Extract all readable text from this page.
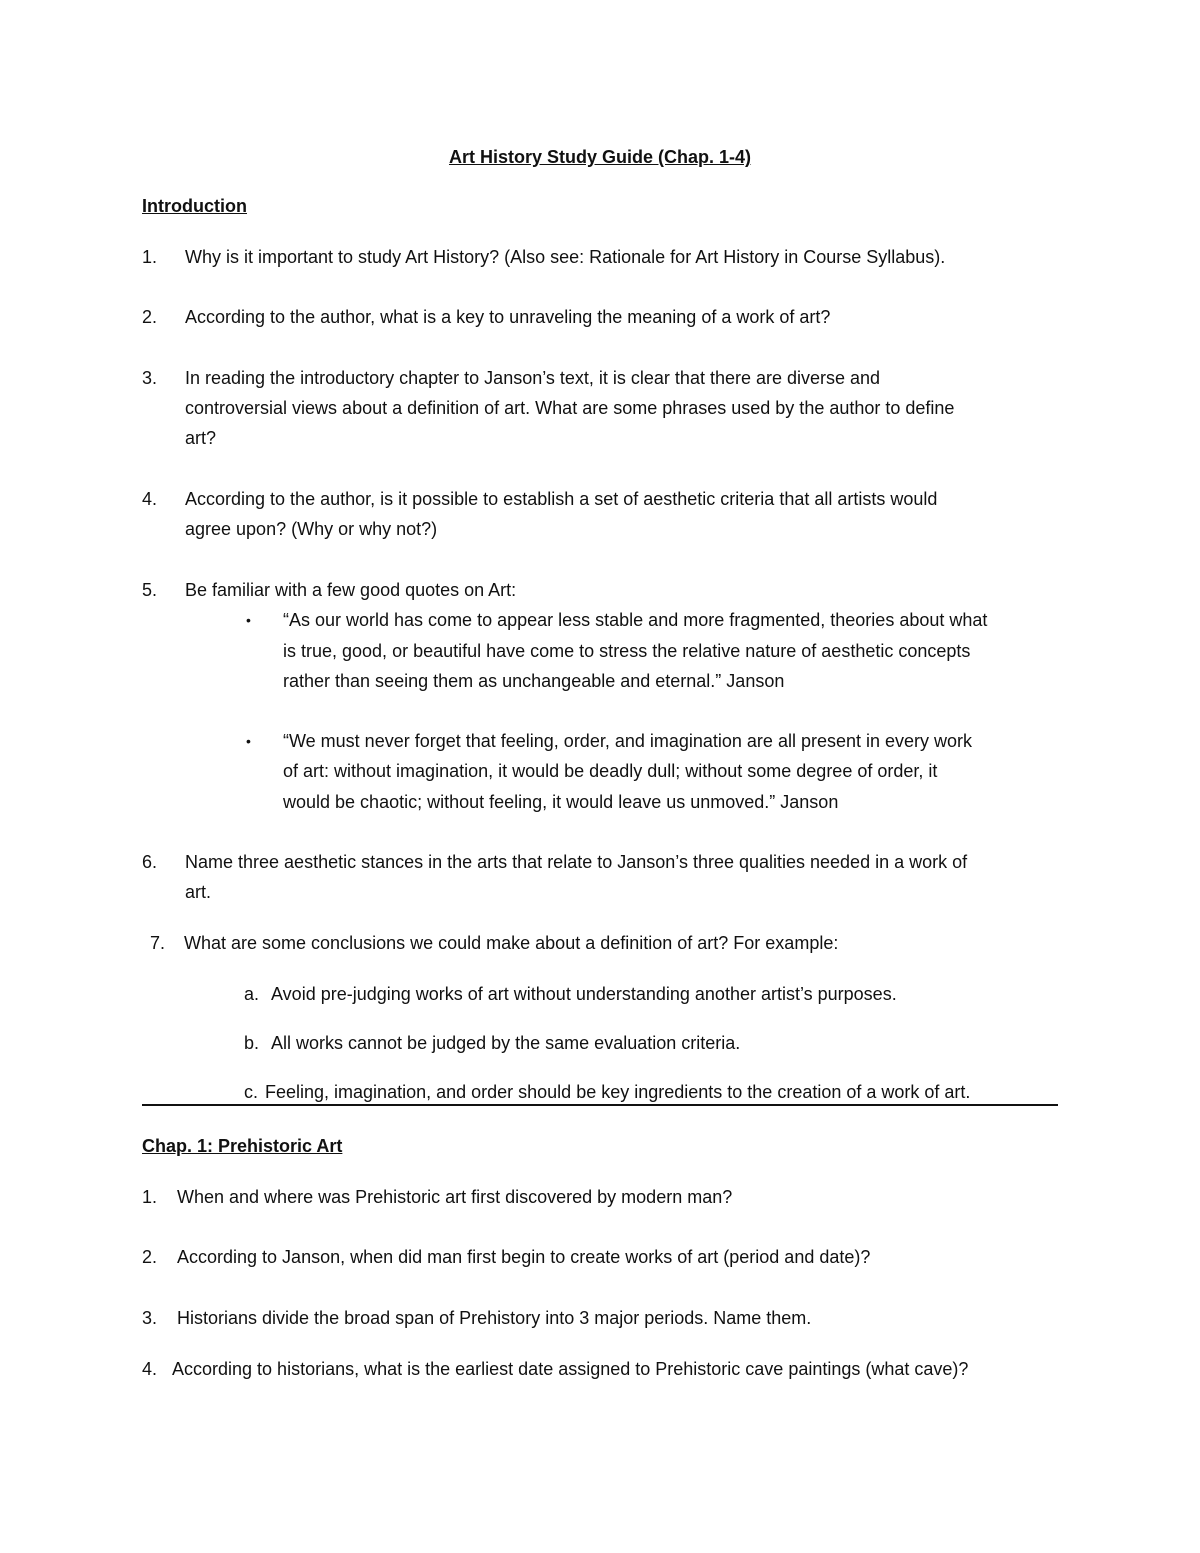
Art History Study Guide (Chap. 1-4)
Introduction
1. Why is it important to study Art History? (Also see: Rationale for Art History in Course Syllabus).
2. According to the author, what is a key to unraveling the meaning of a work of art?
3. In reading the introductory chapter to Janson’s text, it is clear that there are diverse and
controversial views about a definition of art. What are some phrases used by the author to define
art?
4. According to the author, is it possible to establish a set of aesthetic criteria that all artists would
agree upon? (Why or why not?)
5. Be familiar with a few good quotes on Art:
• “As our world has come to appear less stable and more fragmented, theories about what
is true, good, or beautiful have come to stress the relative nature of aesthetic concepts
rather than seeing them as unchangeable and eternal.” Janson
• “We must never forget that feeling, order, and imagination are all present in every work
of art: without imagination, it would be deadly dull; without some degree of order, it
would be chaotic; without feeling, it would leave us unmoved.” Janson
6. Name three aesthetic stances in the arts that relate to Janson’s three qualities needed in a work of
art.
7. What are some conclusions we could make about a definition of art? For example:
a. Avoid pre-judging works of art without understanding another artist’s purposes.
b. All works cannot be judged by the same evaluation criteria.
c. Feeling, imagination, and order should be key ingredients to the creation of a work of art.
Chap. 1: Prehistoric Art
1. When and where was Prehistoric art first discovered by modern man?
2. According to Janson, when did man first begin to create works of art (period and date)?
3. Historians divide the broad span of Prehistory into 3 major periods. Name them.
4. According to historians, what is the earliest date assigned to Prehistoric cave paintings (what cave)?
